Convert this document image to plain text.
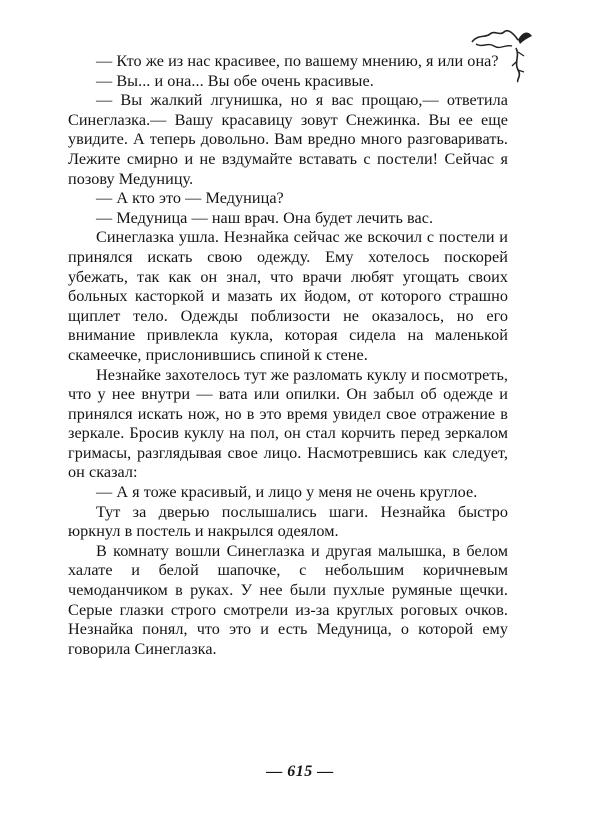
— Кто же из нас красивее, по вашему мнению, я или она?

— Вы... и она... Вы обе очень красивые.

— Вы жалкий лгунишка, но я вас прощаю,— ответила Синеглазка.— Вашу красавицу зовут Снежинка. Вы ее еще увидите. А теперь довольно. Вам вредно много разговаривать. Лежите смирно и не вздумайте вставать с постели! Сейчас я позову Медуницу.

— А кто это — Медуница?

— Медуница — наш врач. Она будет лечить вас.

Синеглазка ушла. Незнайка сейчас же вскочил с постели и принялся искать свою одежду. Ему хотелось поскорей убежать, так как он знал, что врачи любят угощать своих больных касторкой и мазать их йодом, от которого страшно щиплет тело. Одежды поблизости не оказалось, но его внимание привлекла кукла, которая сидела на маленькой скамеечке, прислонившись спиной к стене.

Незнайке захотелось тут же разломать куклу и посмотреть, что у нее внутри — вата или опилки. Он забыл об одежде и принялся искать нож, но в это время увидел свое отражение в зеркале. Бросив куклу на пол, он стал корчить перед зеркалом гримасы, разглядывая свое лицо. Насмотревшись как следует, он сказал:

— А я тоже красивый, и лицо у меня не очень круглое.

Тут за дверью послышались шаги. Незнайка быстро юркнул в постель и накрылся одеялом.

В комнату вошли Синеглазка и другая малышка, в белом халате и белой шапочке, с небольшим коричневым чемоданчиком в руках. У нее были пухлые румяные щечки. Серые глазки строго смотрели из-за круглых роговых очков. Незнайка понял, что это и есть Медуница, о которой ему говорила Синеглазка.

— 615 —
